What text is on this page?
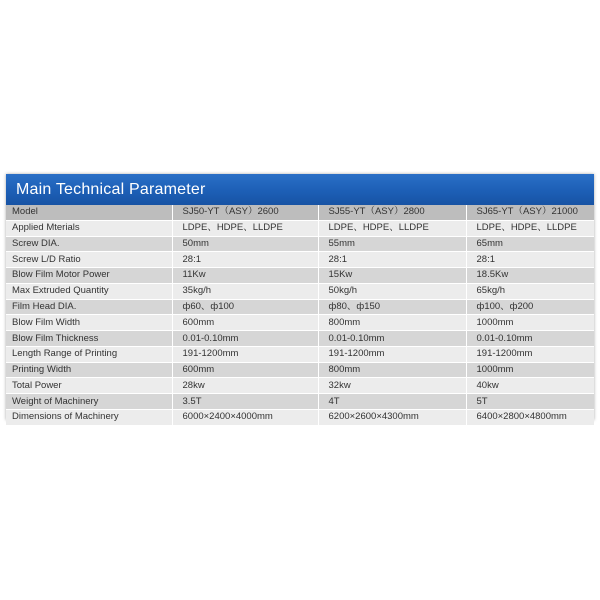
Main Technical Parameter
Model	SJ50-YT（ASY）2600	SJ55-YT（ASY）2800	SJ65-YT（ASY）21000
Applied Mterials	LDPE、HDPE、LLDPE	LDPE、HDPE、LLDPE	LDPE、HDPE、LLDPE
Screw DIA.	50mm	55mm	65mm
Screw L/D Ratio	28:1	28:1	28:1
Blow Film Motor Power	11Kw	15Kw	18.5Kw
Max Extruded Quantity	35kg/h	50kg/h	65kg/h
Film Head DIA.	ф60、ф100	ф80、ф150	ф100、ф200
Blow Film Width	600mm	800mm	1000mm
Blow Film Thickness	0.01-0.10mm	0.01-0.10mm	0.01-0.10mm
Length Range of Printing	191-1200mm	191-1200mm	191-1200mm
Printing Width	600mm	800mm	1000mm
Total Power	28kw	32kw	40kw
Weight of Machinery	3.5T	4T	5T
Dimensions of Machinery	6000×2400×4000mm	6200×2600×4300mm	6400×2800×4800mm
